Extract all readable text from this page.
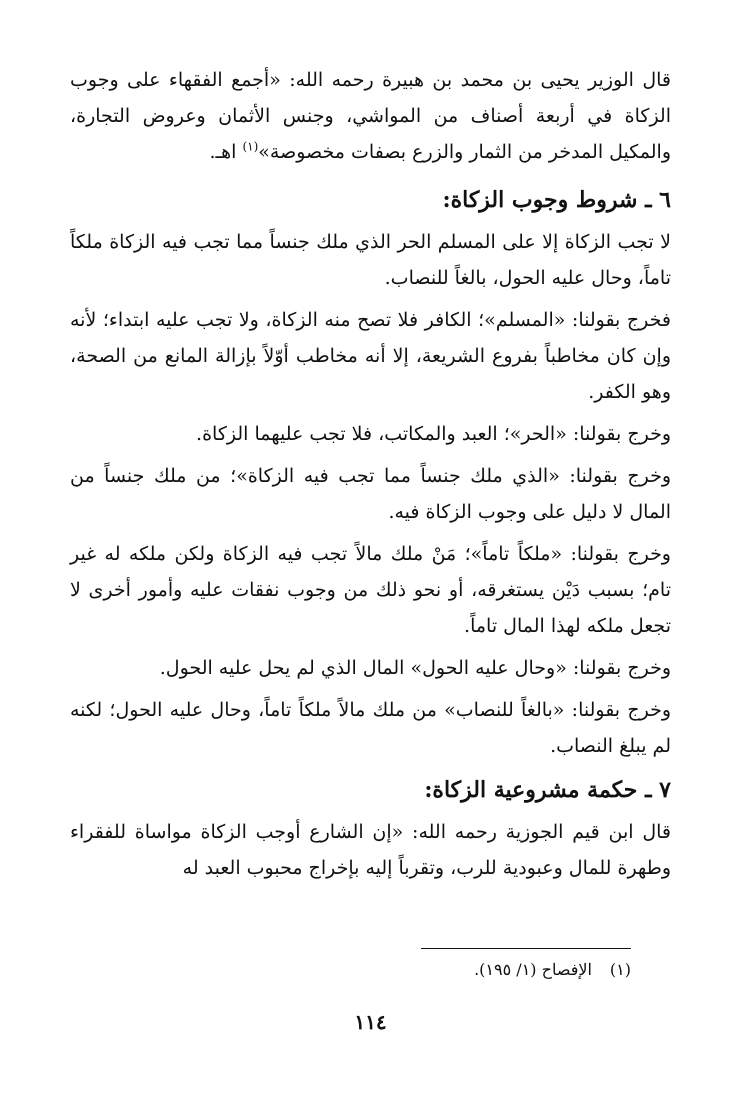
قال الوزير يحيى بن محمد بن هبيرة رحمه الله: «أجمع الفقهاء على وجوب الزكاة في أربعة أصناف من المواشي، وجنس الأثمان وعروض التجارة، والمكيل المدخر من الثمار والزرع بصفات مخصوصة»$^{(١)}$ اهـ.

٦ ـ شروط وجوب الزكاة:

لا تجب الزكاة إلا على المسلم الحر الذي ملك جنساً مما تجب فيه الزكاة ملكاً تاماً، وحال عليه الحول، بالغاً للنصاب.

فخرج بقولنا: «المسلم»؛ الكافر فلا تصح منه الزكاة، ولا تجب عليه ابتداء؛ لأنه وإن كان مخاطباً بفروع الشريعة، إلا أنه مخاطب أوّلاً بإزالة المانع من الصحة، وهو الكفر.

وخرج بقولنا: «الحر»؛ العبد والمكاتب، فلا تجب عليهما الزكاة.

وخرج بقولنا: «الذي ملك جنساً مما تجب فيه الزكاة»؛ من ملك جنساً من المال لا دليل على وجوب الزكاة فيه.

وخرج بقولنا: «ملكاً تاماً»؛ مَنْ ملك مالاً تجب فيه الزكاة ولكن ملكه له غير تام؛ بسبب دَيْن يستغرقه، أو نحو ذلك من وجوب نفقات عليه وأمور أخرى لا تجعل ملكه لهذا المال تاماً.

وخرج بقولنا: «وحال عليه الحول» المال الذي لم يحل عليه الحول.

وخرج بقولنا: «بالغاً للنصاب» من ملك مالاً ملكاً تاماً، وحال عليه الحول؛ لكنه لم يبلغ النصاب.

٧ ـ حكمة مشروعية الزكاة:

قال ابن قيم الجوزية رحمه الله: «إن الشارع أوجب الزكاة مواساة للفقراء وطهرة للمال وعبودية للرب، وتقرباً إليه بإخراج محبوب العبد له

(١)الإفصاح (١/ ١٩٥).
١١٤
